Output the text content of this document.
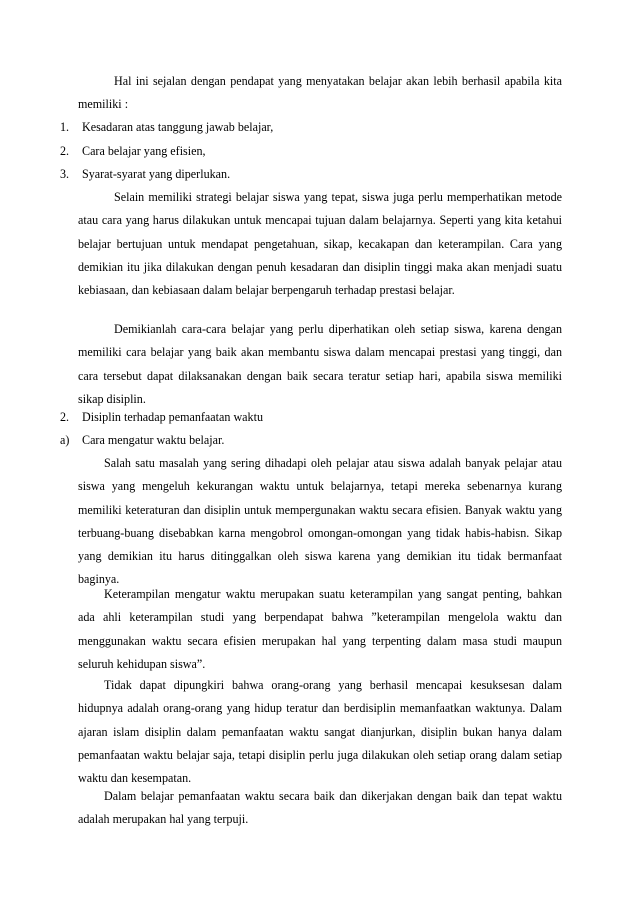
Hal ini sejalan dengan pendapat yang menyatakan belajar akan lebih berhasil apabila kita memiliki :

1. Kesadaran atas tanggung jawab belajar,
2. Cara belajar yang efisien,
3. Syarat-syarat yang diperlukan.

Selain memiliki strategi belajar siswa yang tepat, siswa juga perlu memperhatikan metode atau cara yang harus dilakukan untuk mencapai tujuan dalam belajarnya. Seperti yang kita ketahui belajar bertujuan untuk mendapat pengetahuan, sikap, kecakapan dan keterampilan. Cara yang demikian itu jika dilakukan dengan penuh kesadaran dan disiplin tinggi maka akan menjadi suatu kebiasaan, dan kebiasaan dalam belajar berpengaruh terhadap prestasi belajar.

Demikianlah cara-cara belajar yang perlu diperhatikan oleh setiap siswa, karena dengan memiliki cara belajar yang baik akan membantu siswa dalam mencapai prestasi yang tinggi, dan cara tersebut dapat dilaksanakan dengan baik secara teratur setiap hari, apabila siswa memiliki sikap disiplin.

2. Disiplin terhadap pemanfaatan waktu
a) Cara mengatur waktu belajar.

Salah satu masalah yang sering dihadapi oleh pelajar atau siswa adalah banyak pelajar atau siswa yang mengeluh kekurangan waktu untuk belajarnya, tetapi mereka sebenarnya kurang memiliki keteraturan dan disiplin untuk mempergunakan waktu secara efisien. Banyak waktu yang terbuang-buang disebabkan karna mengobrol omongan-omongan yang tidak habis-habisn. Sikap yang demikian itu harus ditinggalkan oleh siswa karena yang demikian itu tidak bermanfaat baginya.

Keterampilan mengatur waktu merupakan suatu keterampilan yang sangat penting, bahkan ada ahli keterampilan studi yang berpendapat bahwa ”keterampilan mengelola waktu dan menggunakan waktu secara efisien merupakan hal yang terpenting dalam masa studi maupun seluruh kehidupan siswa”.

Tidak dapat dipungkiri bahwa orang-orang yang berhasil mencapai kesuksesan dalam hidupnya adalah orang-orang yang hidup teratur dan berdisiplin memanfaatkan waktunya. Dalam ajaran islam disiplin dalam pemanfaatan waktu sangat dianjurkan, disiplin bukan hanya dalam pemanfaatan waktu belajar saja, tetapi disiplin perlu juga dilakukan oleh setiap orang dalam setiap waktu dan kesempatan.

Dalam belajar pemanfaatan waktu secara baik dan dikerjakan dengan baik dan tepat waktu adalah merupakan hal yang terpuji.
